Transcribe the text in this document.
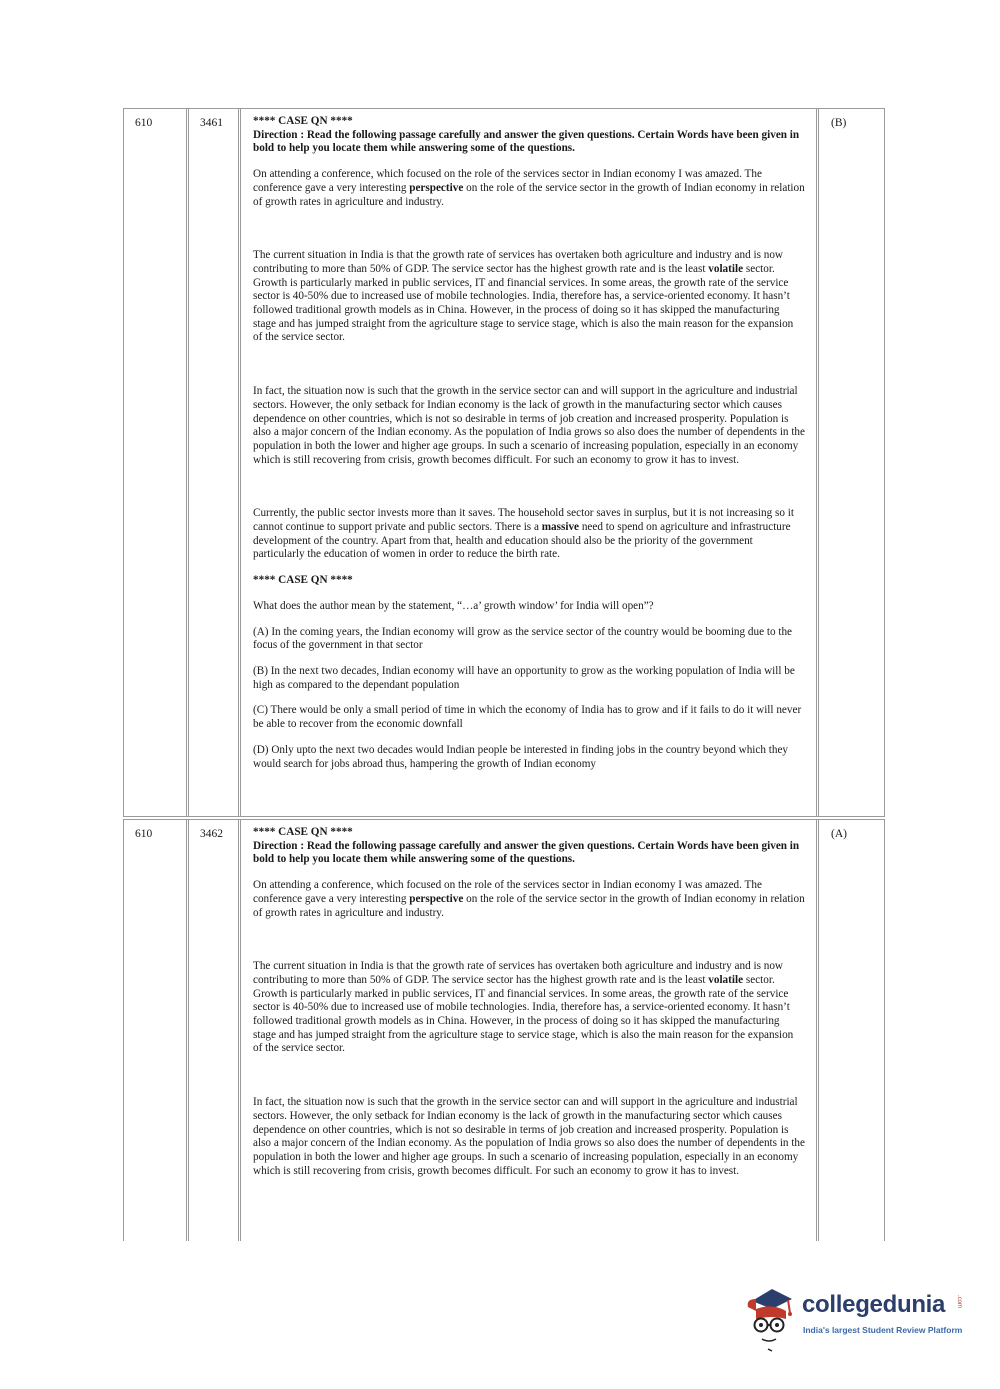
610	3461	**** CASE QN ****

Direction : Read the following passage carefully and answer the given questions. Certain Words have been given in bold to help you locate them while answering some of the questions.

On attending a conference, which focused on the role of the services sector in Indian economy I was amazed. The conference gave a very interesting perspective on the role of the service sector in the growth of Indian economy in relation of growth rates in agriculture and industry.

The current situation in India is that the growth rate of services has overtaken both agriculture and industry and is now contributing to more than 50% of GDP. The service sector has the highest growth rate and is the least volatile sector. Growth is particularly marked in public services, IT and financial services. In some areas, the growth rate of the service sector is 40-50% due to increased use of mobile technologies. India, therefore has, a service-oriented economy. It hasn’t followed traditional growth models as in China. However, in the process of doing so it has skipped the manufacturing stage and has jumped straight from the agriculture stage to service stage, which is also the main reason for the expansion of the service sector.

In fact, the situation now is such that the growth in the service sector can and will support in the agriculture and industrial sectors. However, the only setback for Indian economy is the lack of growth in the manufacturing sector which causes dependence on other countries, which is not so desirable in terms of job creation and increased prosperity. Population is also a major concern of the Indian economy. As the population of India grows so also does the number of dependents in the population in both the lower and higher age groups. In such a scenario of increasing population, especially in an economy which is still recovering from crisis, growth becomes difficult. For such an economy to grow it has to invest.

Currently, the public sector invests more than it saves. The household sector saves in surplus, but it is not increasing so it cannot continue to support private and public sectors. There is a massive need to spend on agriculture and infrastructure development of the country. Apart from that, health and education should also be the priority of the government particularly the education of women in order to reduce the birth rate.

**** CASE QN ****

What does the author mean by the statement, “…a’ growth window’ for India will open”?

(A) In the coming years, the Indian economy will grow as the service sector of the country would be booming due to the focus of the government in that sector

(B) In the next two decades, Indian economy will have an opportunity to grow as the working population of India will be high as compared to the dependant population

(C) There would be only a small period of time in which the economy of India has to grow and if it fails to do it will never be able to recover from the economic downfall

(D) Only upto the next two decades would Indian people be interested in finding jobs in the country beyond which they would search for jobs abroad thus, hampering the growth of Indian economy

(B)
610	3462	**** CASE QN ****

Direction : Read the following passage carefully and answer the given questions. Certain Words have been given in bold to help you locate them while answering some of the questions.

On attending a conference, which focused on the role of the services sector in Indian economy I was amazed. The conference gave a very interesting perspective on the role of the service sector in the growth of Indian economy in relation of growth rates in agriculture and industry.

The current situation in India is that the growth rate of services has overtaken both agriculture and industry and is now contributing to more than 50% of GDP. The service sector has the highest growth rate and is the least volatile sector. Growth is particularly marked in public services, IT and financial services. In some areas, the growth rate of the service sector is 40-50% due to increased use of mobile technologies. India, therefore has, a service-oriented economy. It hasn’t followed traditional growth models as in China. However, in the process of doing so it has skipped the manufacturing stage and has jumped straight from the agriculture stage to service stage, which is also the main reason for the expansion of the service sector.

In fact, the situation now is such that the growth in the service sector can and will support in the agriculture and industrial sectors. However, the only setback for Indian economy is the lack of growth in the manufacturing sector which causes dependence on other countries, which is not so desirable in terms of job creation and increased prosperity. Population is also a major concern of the Indian economy. As the population of India grows so also does the number of dependents in the population in both the lower and higher age groups. In such a scenario of increasing population, especially in an economy which is still recovering from crisis, growth becomes difficult. For such an economy to grow it has to invest.

(A)
collegedunia .com
India's largest Student Review Platform
